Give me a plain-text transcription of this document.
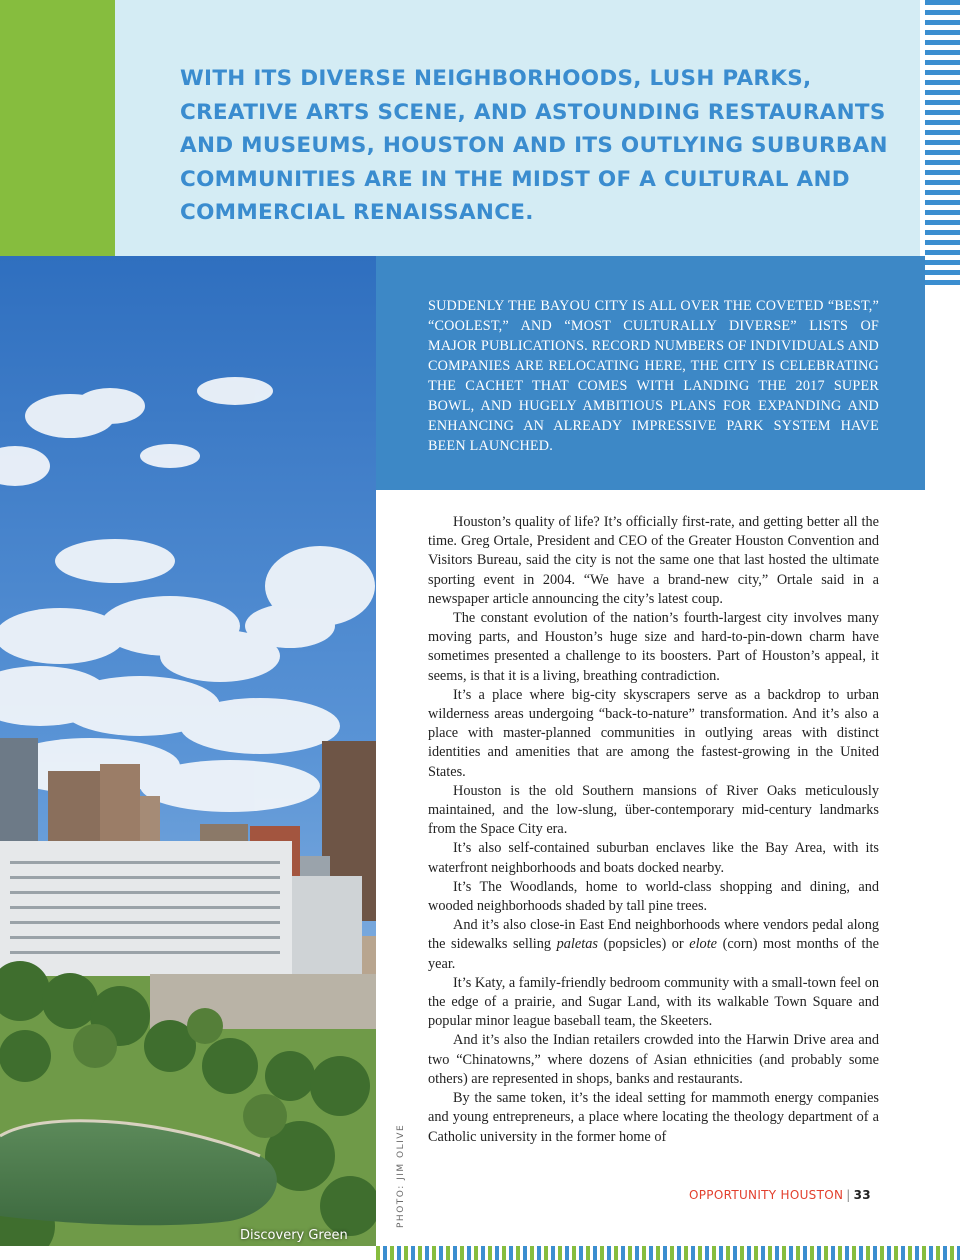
WITH ITS DIVERSE NEIGHBORHOODS, LUSH PARKS, CREATIVE ARTS SCENE, AND ASTOUNDING RESTAURANTS AND MUSEUMS, HOUSTON AND ITS OUTLYING SUBURBAN COMMUNITIES ARE IN THE MIDST OF A CULTURAL AND COMMERCIAL RENAISSANCE.
Discovery Green
PHOTO: JIM OLIVE

SUDDENLY THE BAYOU CITY IS ALL OVER THE COVETED “BEST,” “COOLEST,” AND “MOST CULTURALLY DIVERSE” LISTS OF MAJOR PUBLICATIONS. RECORD NUMBERS OF INDIVIDUALS AND COMPANIES ARE RELOCATING HERE, THE CITY IS CELEBRATING THE CACHET THAT COMES WITH LANDING THE 2017 SUPER BOWL, AND HUGELY AMBITIOUS PLANS FOR EXPANDING AND ENHANCING AN ALREADY IMPRESSIVE PARK SYSTEM HAVE BEEN LAUNCHED.

Houston’s quality of life? It’s officially first-rate, and getting better all the time. Greg Ortale, President and CEO of the Greater Houston Convention and Visitors Bureau, said the city is not the same one that last hosted the ultimate sporting event in 2004. “We have a brand-new city,” Ortale said in a newspaper article announcing the city’s latest coup.

The constant evolution of the nation’s fourth-largest city involves many moving parts, and Houston’s huge size and hard-to-pin-down charm have sometimes presented a challenge to its boosters. Part of Houston’s appeal, it seems, is that it is a living, breathing contradiction.

It’s a place where big-city skyscrapers serve as a backdrop to urban wilderness areas undergoing “back-to-nature” transformation. And it’s also a place with master-planned communities in outlying areas with distinct identities and amenities that are among the fastest-growing in the United States.

Houston is the old Southern mansions of River Oaks meticulously maintained, and the low-slung, über-contemporary mid-century landmarks from the Space City era.

It’s also self-contained suburban enclaves like the Bay Area, with its waterfront neighborhoods and boats docked nearby.

It’s The Woodlands, home to world-class shopping and dining, and wooded neighborhoods shaded by tall pine trees.

And it’s also close-in East End neighborhoods where vendors pedal along the sidewalks selling paletas (popsicles) or elote (corn) most months of the year.

It’s Katy, a family-friendly bedroom community with a small-town feel on the edge of a prairie, and Sugar Land, with its walkable Town Square and popular minor league baseball team, the Skeeters.

And it’s also the Indian retailers crowded into the Harwin Drive area and two “Chinatowns,” where dozens of Asian ethnicities (and probably some others) are represented in shops, banks and restaurants.

By the same token, it’s the ideal setting for mammoth energy companies and young entrepreneurs, a place where locating the theology department of a Catholic university in the former home of

OPPORTUNITY HOUSTON | 33
